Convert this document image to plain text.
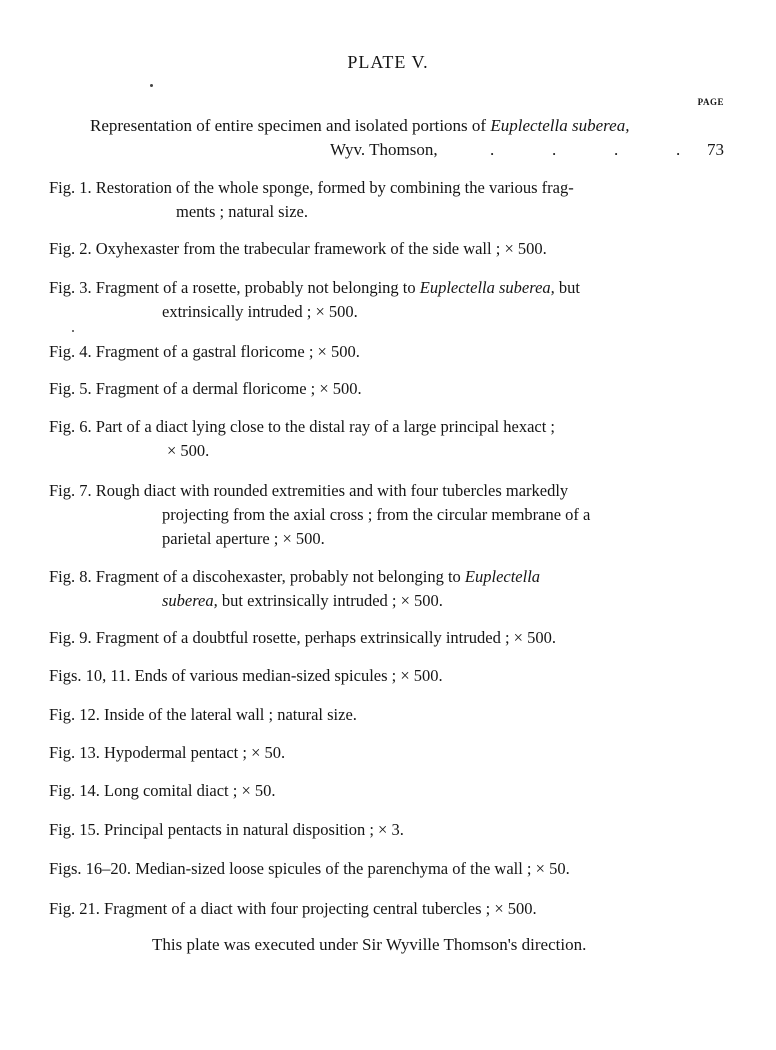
PLATE V.
PAGE
Representation of entire specimen and isolated portions of Euplectella suberea,
Wyv. Thomson,	.	.	.	.	73
Fig. 1. Restoration of the whole sponge, formed by combining the various frag-
ments ; natural size.
Fig. 2. Oxyhexaster from the trabecular framework of the side wall ; × 500.
Fig. 3. Fragment of a rosette, probably not belonging to Euplectella suberea, but
extrinsically intruded ; × 500.
Fig. 4. Fragment of a gastral floricome ; × 500.
Fig. 5. Fragment of a dermal floricome ; × 500.
Fig. 6. Part of a diact lying close to the distal ray of a large principal hexact ;
× 500.
Fig. 7. Rough diact with rounded extremities and with four tubercles markedly
projecting from the axial cross ; from the circular membrane of a
parietal aperture ; × 500.
Fig. 8. Fragment of a discohexaster, probably not belonging to Euplectella
suberea, but extrinsically intruded ; × 500.
Fig. 9. Fragment of a doubtful rosette, perhaps extrinsically intruded ; × 500.
Figs. 10, 11. Ends of various median-sized spicules ; × 500.
Fig. 12. Inside of the lateral wall ; natural size.
Fig. 13. Hypodermal pentact ; × 50.
Fig. 14. Long comital diact ; × 50.
Fig. 15. Principal pentacts in natural disposition ; × 3.
Figs. 16–20. Median-sized loose spicules of the parenchyma of the wall ; × 50.
Fig. 21. Fragment of a diact with four projecting central tubercles ; × 500.
This plate was executed under Sir Wyville Thomson's direction.
